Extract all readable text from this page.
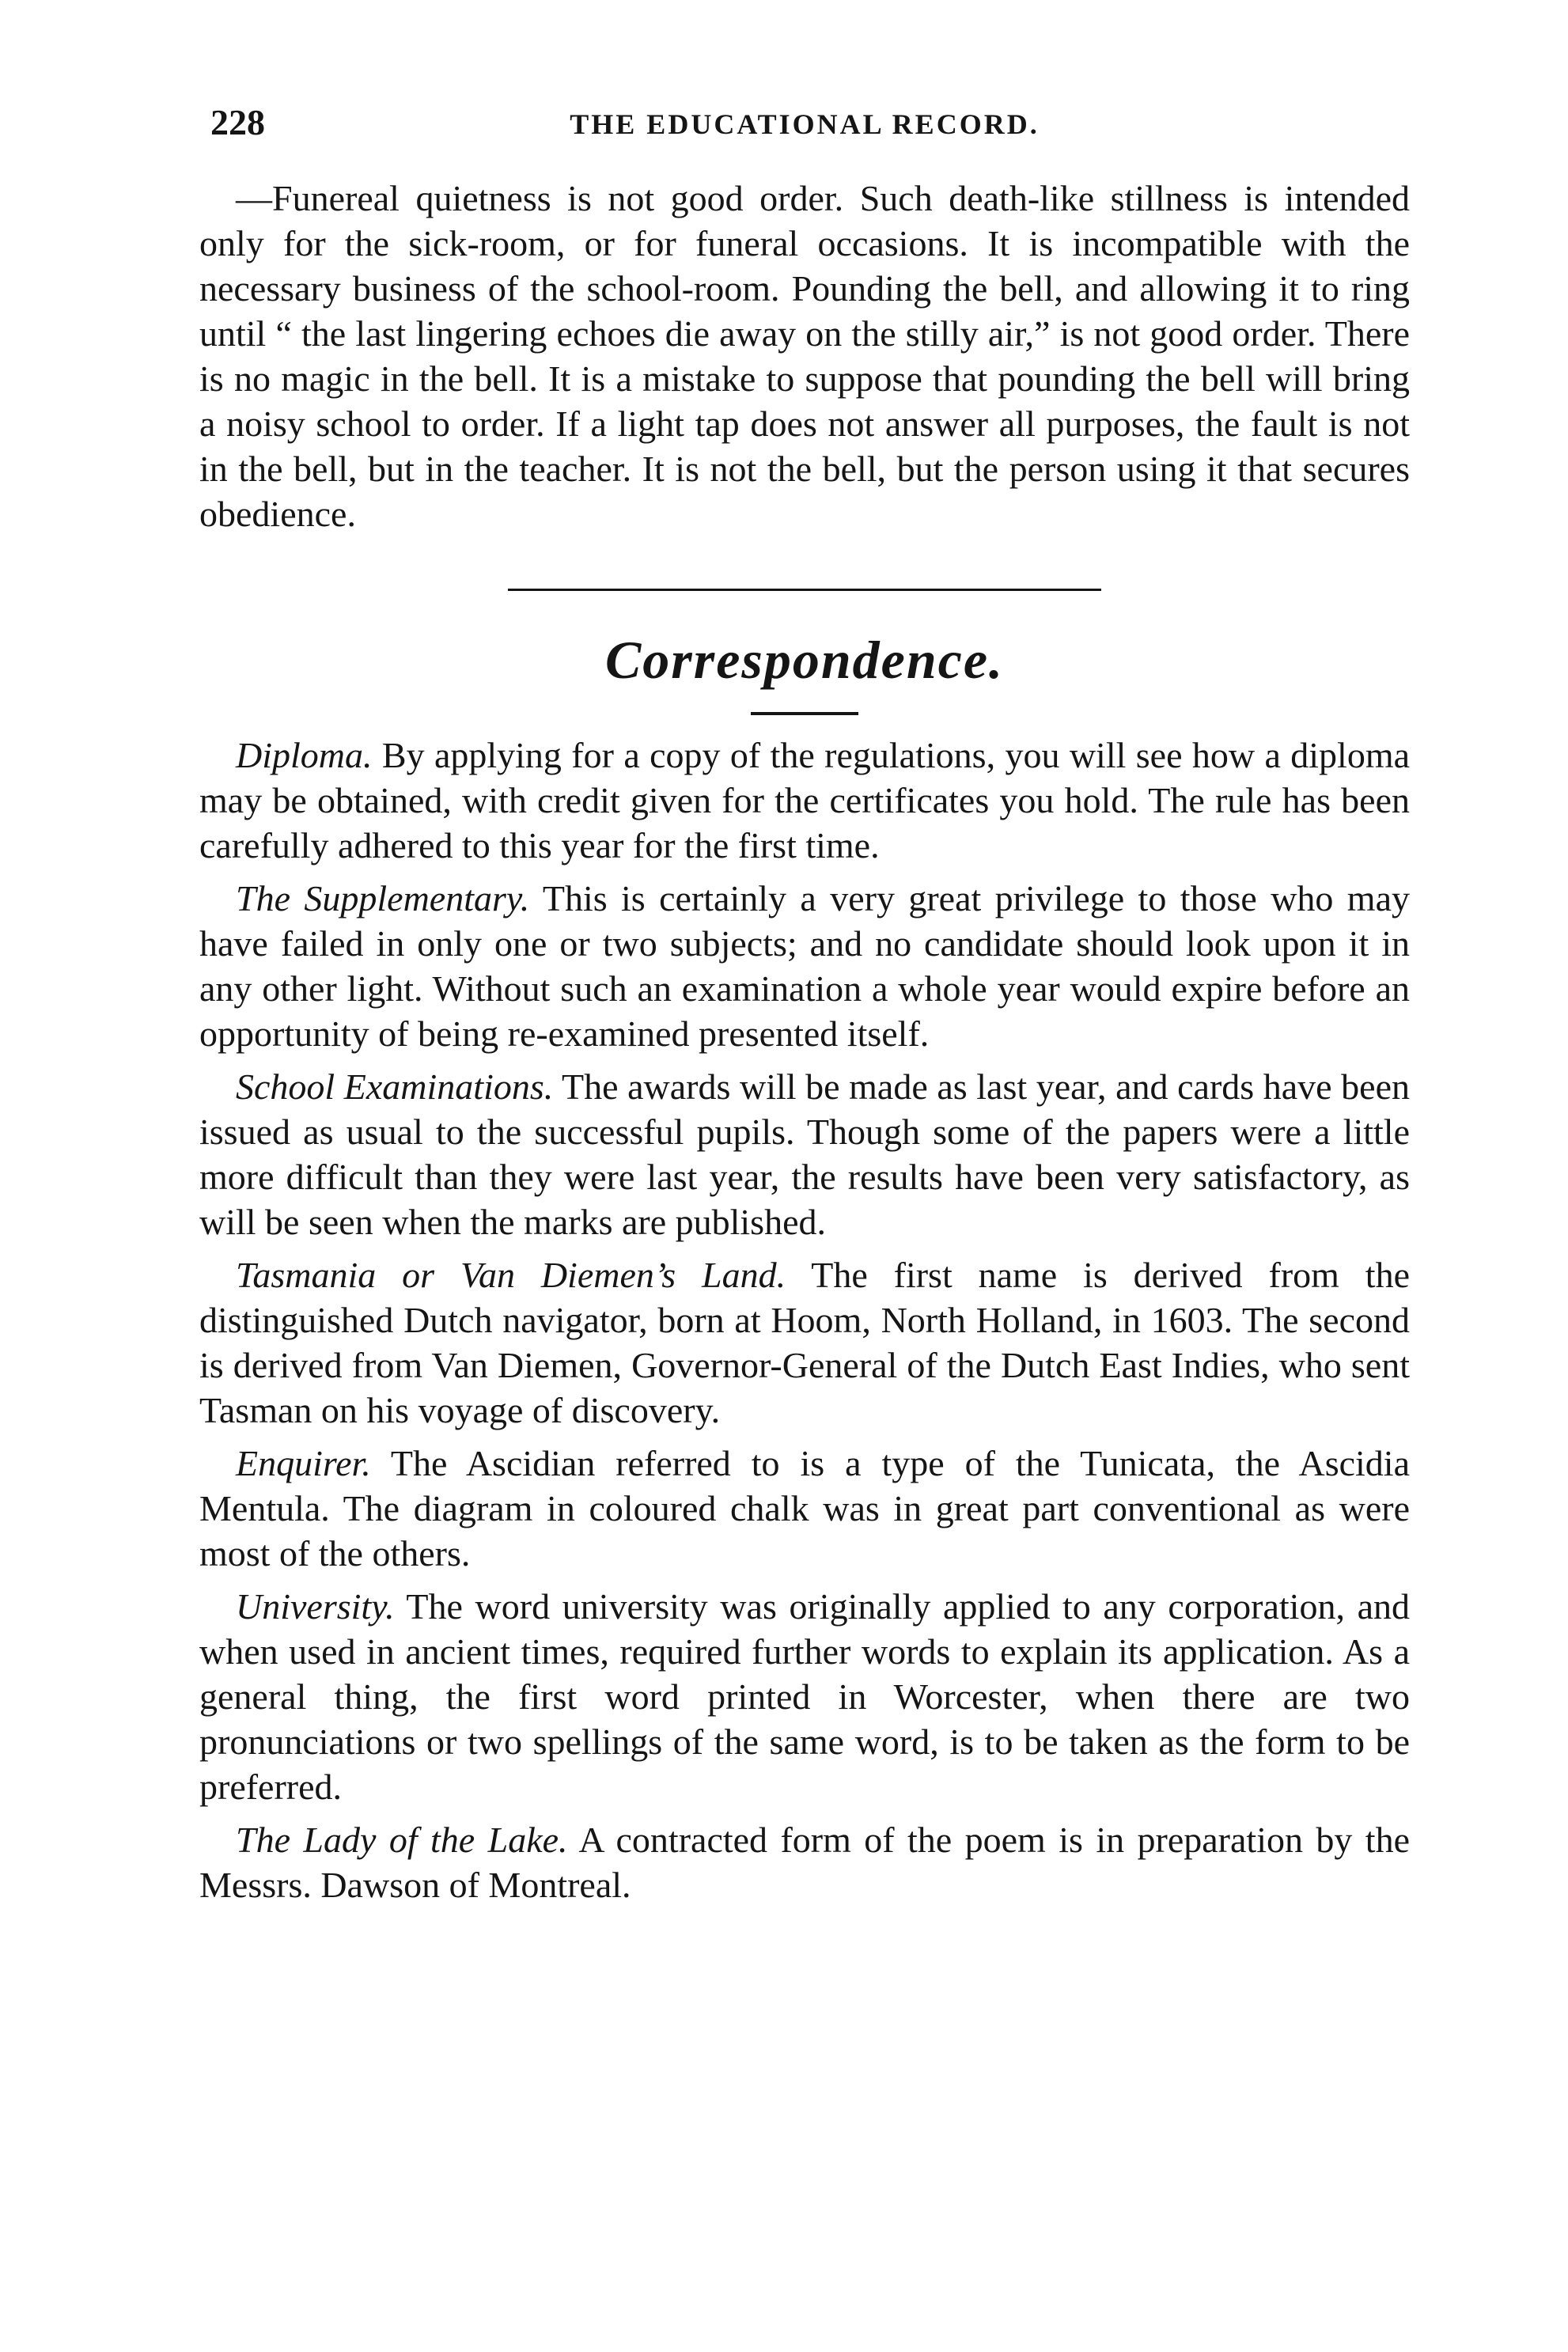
228	THE EDUCATIONAL RECORD.

—Funereal quietness is not good order. Such death-like stillness is intended only for the sick-room, or for funeral occasions. It is incompatible with the necessary business of the school-room. Pounding the bell, and allowing it to ring until “ the last lingering echoes die away on the stilly air,” is not good order. There is no magic in the bell. It is a mistake to suppose that pounding the bell will bring a noisy school to order. If a light tap does not answer all purposes, the fault is not in the bell, but in the teacher. It is not the bell, but the person using it that secures obedience.

Correspondence.

Diploma. By applying for a copy of the regulations, you will see how a diploma may be obtained, with credit given for the certificates you hold. The rule has been carefully adhered to this year for the first time.

The Supplementary. This is certainly a very great privilege to those who may have failed in only one or two subjects; and no candidate should look upon it in any other light. Without such an examination a whole year would expire before an opportunity of being re-examined presented itself.

School Examinations. The awards will be made as last year, and cards have been issued as usual to the successful pupils. Though some of the papers were a little more difficult than they were last year, the results have been very satisfactory, as will be seen when the marks are published.

Tasmania or Van Diemen’s Land. The first name is derived from the distinguished Dutch navigator, born at Hoom, North Holland, in 1603. The second is derived from Van Diemen, Governor-General of the Dutch East Indies, who sent Tasman on his voyage of discovery.

Enquirer. The Ascidian referred to is a type of the Tunicata, the Ascidia Mentula. The diagram in coloured chalk was in great part conventional as were most of the others.

University. The word university was originally applied to any corporation, and when used in ancient times, required further words to explain its application. As a general thing, the first word printed in Worcester, when there are two pronunciations or two spellings of the same word, is to be taken as the form to be preferred.

The Lady of the Lake. A contracted form of the poem is in preparation by the Messrs. Dawson of Montreal.
